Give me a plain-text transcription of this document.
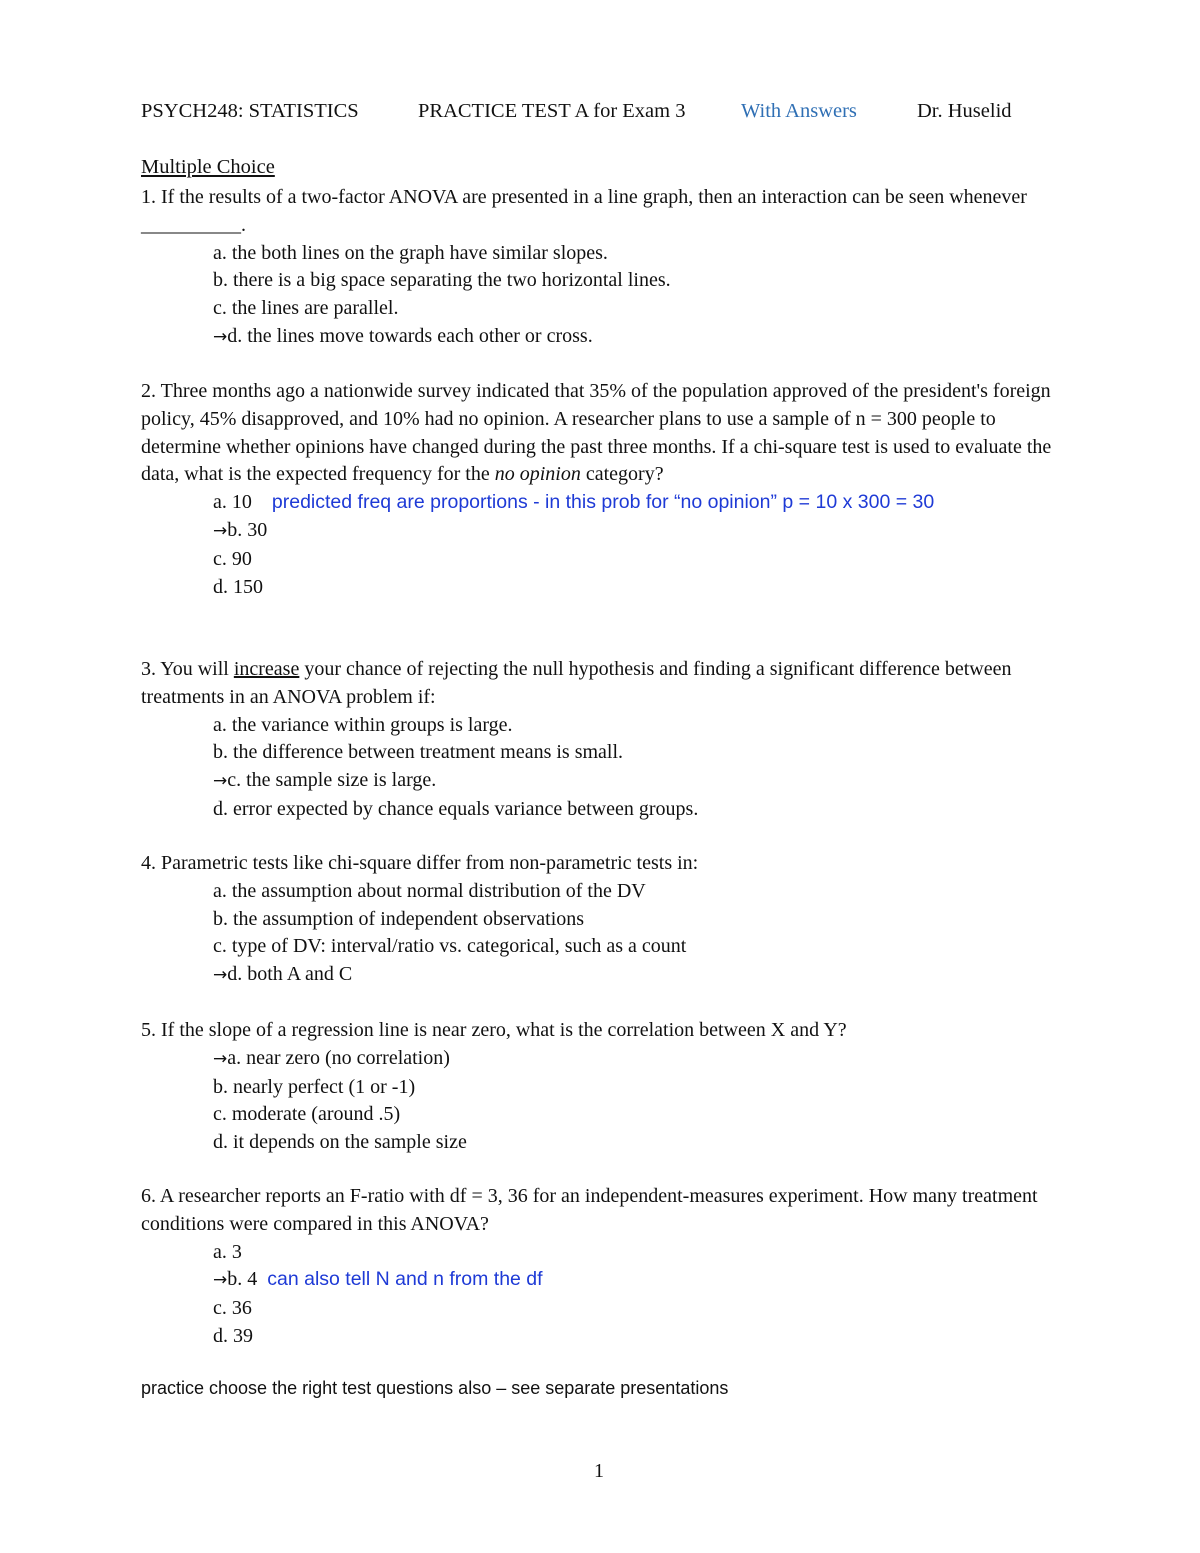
PSYCH248: STATISTICS	PRACTICE TEST A for Exam 3	With Answers	Dr. Huselid
Multiple Choice

1. If the results of a two-factor ANOVA are presented in a line graph, then an interaction can be seen whenever __________.

a. the both lines on the graph have similar slopes.
b. there is a big space separating the two horizontal lines.
c. the lines are parallel.
→d. the lines move towards each other or cross.

2. Three months ago a nationwide survey indicated that 35% of the population approved of the president's foreign policy, 45% disapproved, and 10% had no opinion. A researcher plans to use a sample of n = 300 people to determine whether opinions have changed during the past three months. If a chi-square test is used to evaluate the data, what is the expected frequency for the no opinion category?

a. 10 predicted freq are proportions - in this prob for “no opinion” p = 10 x 300 = 30
→b. 30
c. 90
d. 150

3. You will increase your chance of rejecting the null hypothesis and finding a significant difference between treatments in an ANOVA problem if:

a. the variance within groups is large.
b. the difference between treatment means is small.
→c. the sample size is large.
d. error expected by chance equals variance between groups.

4. Parametric tests like chi-square differ from non-parametric tests in:

a. the assumption about normal distribution of the DV
b. the assumption of independent observations
c. type of DV: interval/ratio vs. categorical, such as a count
→d. both A and C

5. If the slope of a regression line is near zero, what is the correlation between X and Y?

→a. near zero (no correlation)
b. nearly perfect (1 or -1)
c. moderate (around .5)
d. it depends on the sample size

6. A researcher reports an F-ratio with df = 3, 36 for an independent-measures experiment. How many treatment conditions were compared in this ANOVA?

a. 3
→b. 4 can also tell N and n from the df
c. 36
d. 39
practice choose the right test questions also – see separate presentations
1
